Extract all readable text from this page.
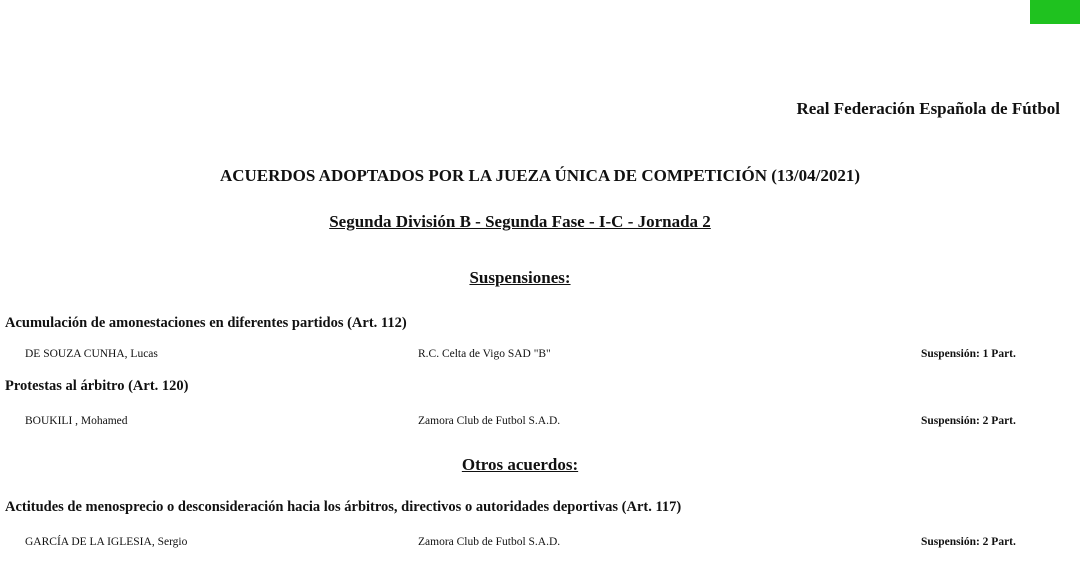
Real Federación Española de Fútbol
ACUERDOS ADOPTADOS POR LA JUEZA ÚNICA DE COMPETICIÓN (13/04/2021)
Segunda División B - Segunda Fase - I-C - Jornada 2
Suspensiones:
Acumulación de amonestaciones en diferentes partidos (Art. 112)
DE SOUZA CUNHA, Lucas	R.C. Celta de Vigo SAD "B"	Suspensión: 1 Part.
Protestas al árbitro (Art. 120)
BOUKILI , Mohamed	Zamora Club de Futbol S.A.D.	Suspensión: 2 Part.
Otros acuerdos:
Actitudes de menosprecio o desconsideración hacia los árbitros, directivos o autoridades deportivas (Art. 117)
GARCÍA DE LA IGLESIA, Sergio	Zamora Club de Futbol S.A.D.	Suspensión: 2 Part.
